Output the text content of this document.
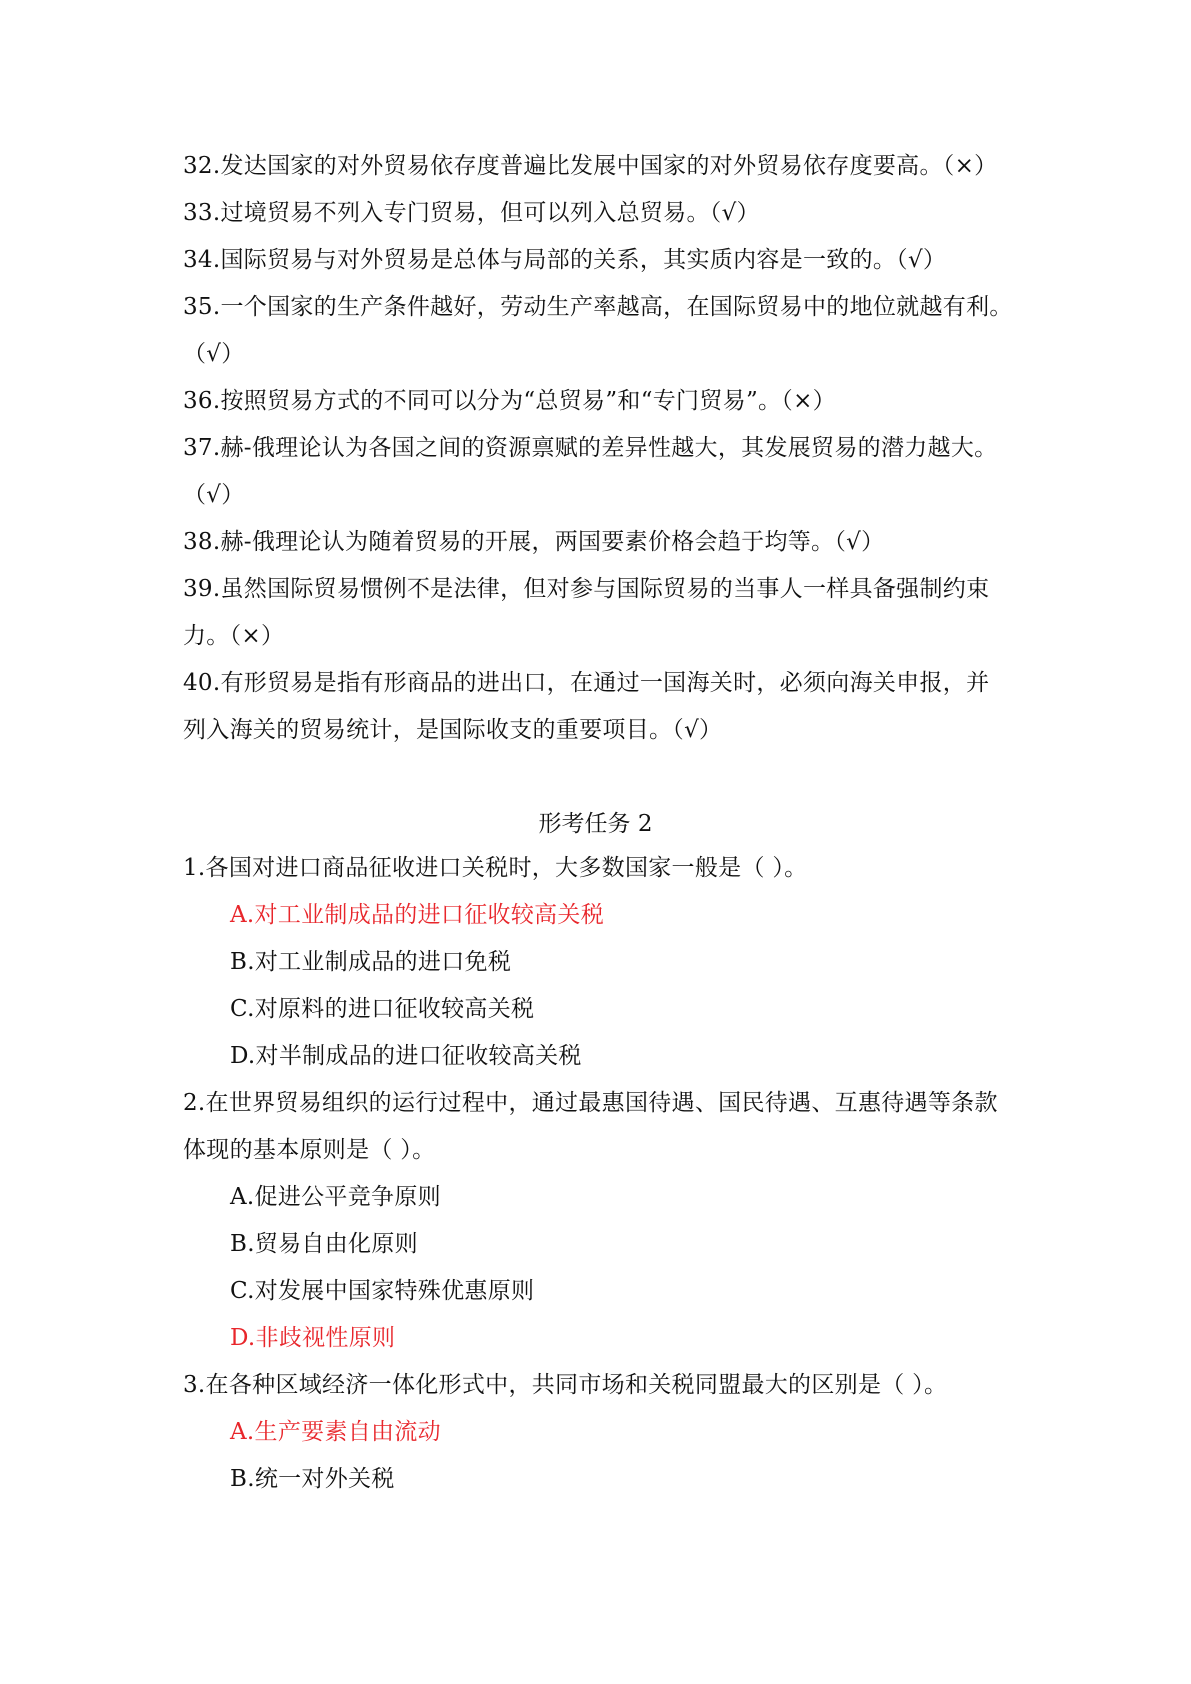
32.发达国家的对外贸易依存度普遍比发展中国家的对外贸易依存度要高。（×）
33.过境贸易不列入专门贸易，但可以列入总贸易。（√）
34.国际贸易与对外贸易是总体与局部的关系，其实质内容是一致的。（√）
35.一个国家的生产条件越好，劳动生产率越高，在国际贸易中的地位就越有利。
（√）
36.按照贸易方式的不同可以分为“总贸易”和“专门贸易”。（×）
37.赫-俄理论认为各国之间的资源禀赋的差异性越大，其发展贸易的潜力越大。
（√）
38.赫-俄理论认为随着贸易的开展，两国要素价格会趋于均等。（√）
39.虽然国际贸易惯例不是法律，但对参与国际贸易的当事人一样具备强制约束
力。（×）
40.有形贸易是指有形商品的进出口，在通过一国海关时，必须向海关申报，并
列入海关的贸易统计，是国际收支的重要项目。（√）
形考任务 2
1.各国对进口商品征收进口关税时，大多数国家一般是（ ）。
A.对工业制成品的进口征收较高关税
B.对工业制成品的进口免税
C.对原料的进口征收较高关税
D.对半制成品的进口征收较高关税
2.在世界贸易组织的运行过程中，通过最惠国待遇、国民待遇、互惠待遇等条款
体现的基本原则是（ ）。
A.促进公平竞争原则
B.贸易自由化原则
C.对发展中国家特殊优惠原则
D.非歧视性原则
3.在各种区域经济一体化形式中，共同市场和关税同盟最大的区别是（ ）。
A.生产要素自由流动
B.统一对外关税
